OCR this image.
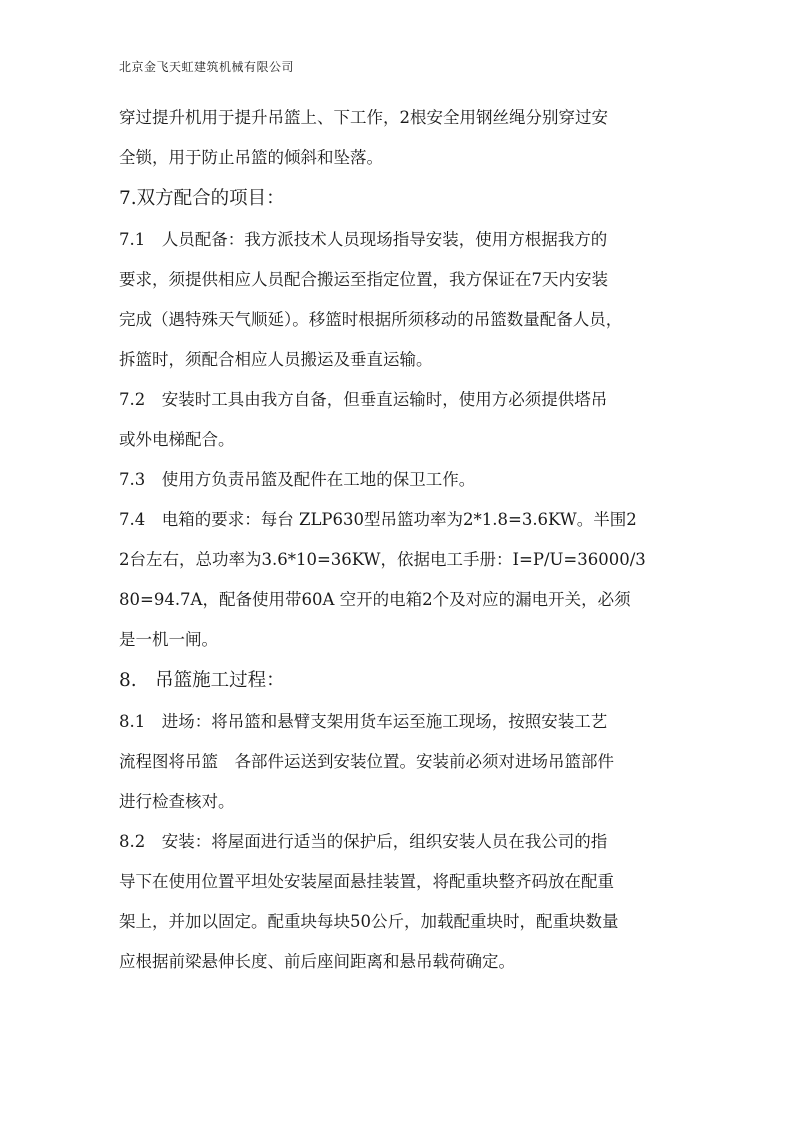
北京金飞天虹建筑机械有限公司
穿过提升机用于提升吊篮上、下工作，2根安全用钢丝绳分别穿过安
全锁，用于防止吊篮的倾斜和坠落。
7.双方配合的项目：
7.1　人员配备：我方派技术人员现场指导安装，使用方根据我方的
要求，须提供相应人员配合搬运至指定位置，我方保证在7天内安装
完成（遇特殊天气顺延）。移篮时根据所须移动的吊篮数量配备人员，
拆篮时，须配合相应人员搬运及垂直运输。
7.2　安装时工具由我方自备，但垂直运输时，使用方必须提供塔吊
或外电梯配合。
7.3　使用方负责吊篮及配件在工地的保卫工作。
7.4　电箱的要求：每台 ZLP630型吊篮功率为2*1.8=3.6KW。半围2
2台左右，总功率为3.6*10=36KW，依据电工手册：I=P/U=36000/3
80=94.7A，配备使用带60A 空开的电箱2个及对应的漏电开关，必须
是一机一闸。
8.　吊篮施工过程：
8.1　进场：将吊篮和悬臂支架用货车运至施工现场，按照安装工艺
流程图将吊篮　各部件运送到安装位置。安装前必须对进场吊篮部件
进行检查核对。
8.2　安装：将屋面进行适当的保护后，组织安装人员在我公司的指
导下在使用位置平坦处安装屋面悬挂装置，将配重块整齐码放在配重
架上，并加以固定。配重块每块50公斤，加载配重块时，配重块数量
应根据前梁悬伸长度、前后座间距离和悬吊载荷确定。
